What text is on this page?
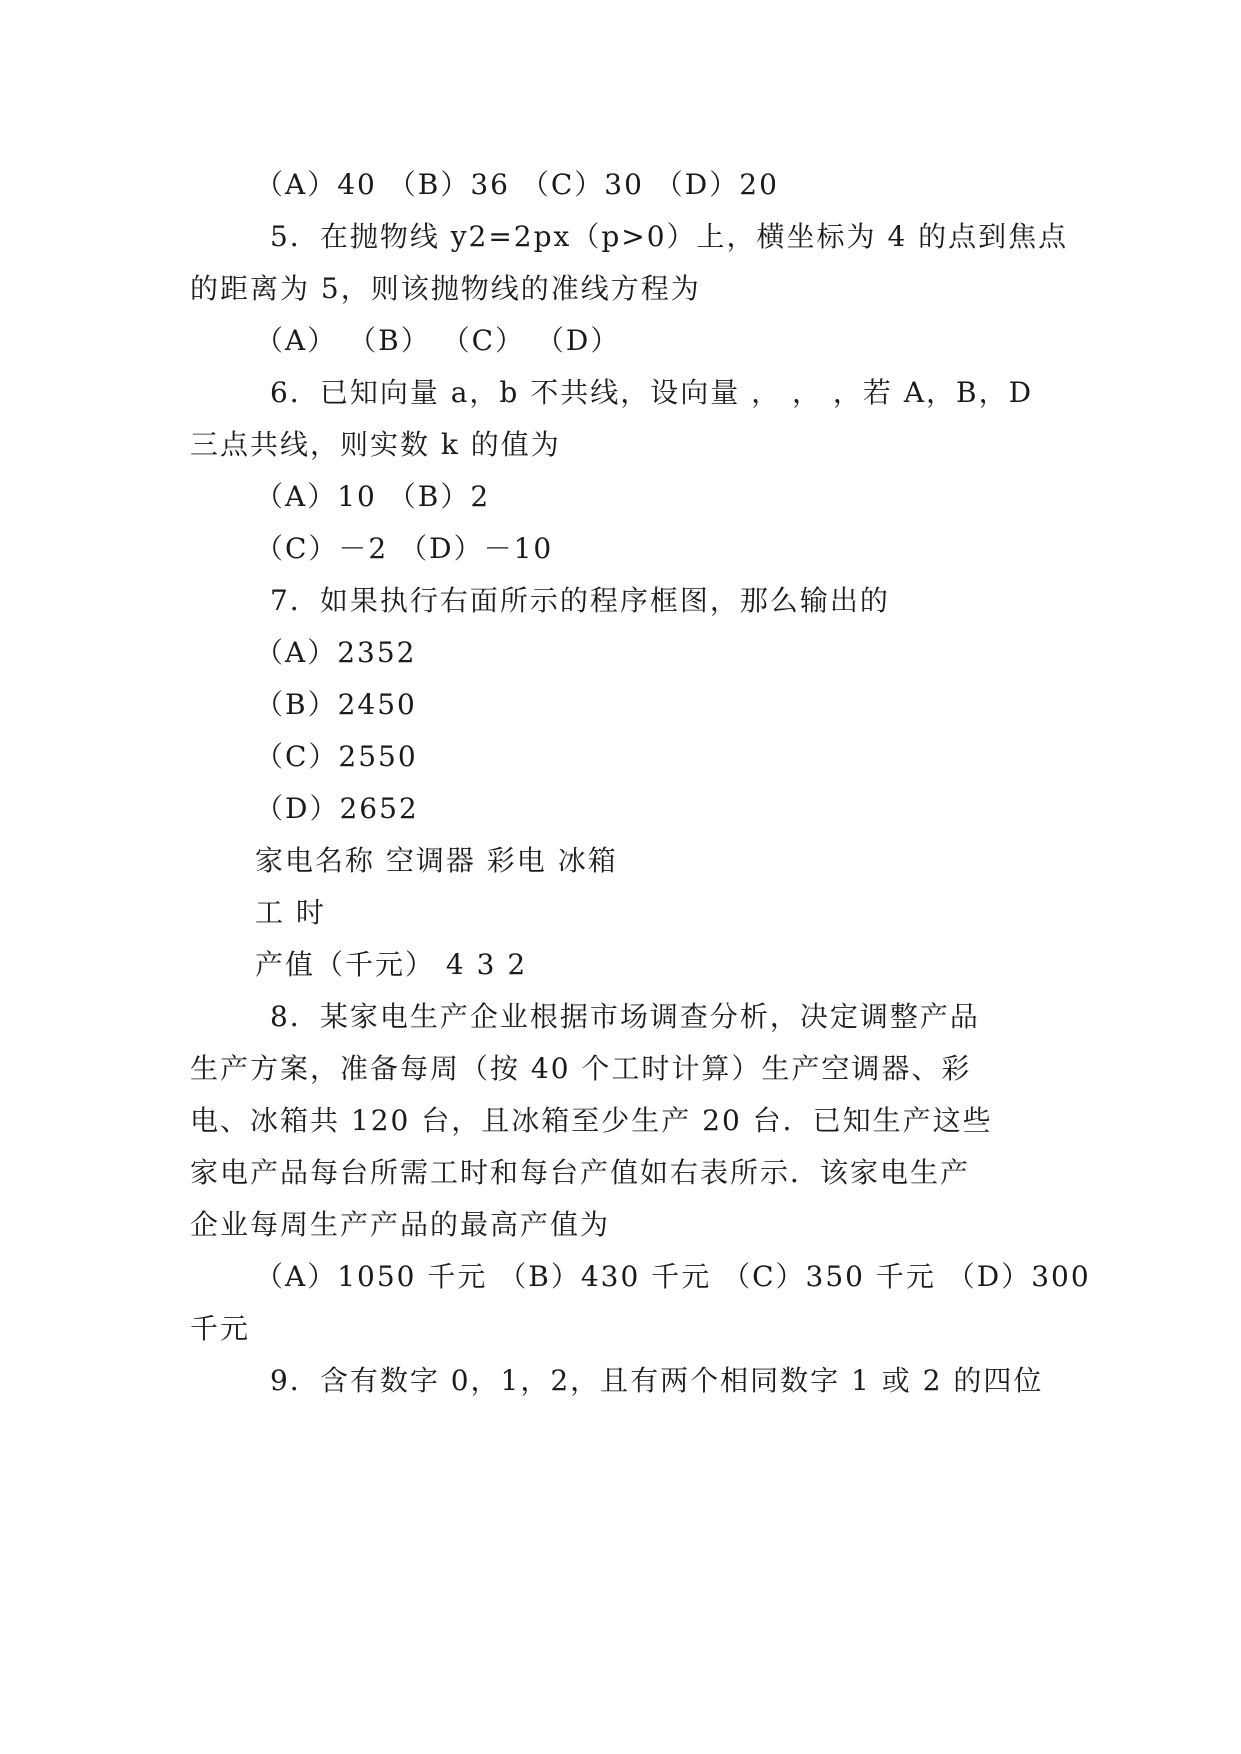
（A）40 （B）36 （C）30 （D）20
5．在抛物线 y2=2px（p>0）上，横坐标为 4 的点到焦点
的距离为 5，则该抛物线的准线方程为
（A） （B） （C） （D）
6．已知向量 a，b 不共线，设向量 ， ， ，若 A，B，D
三点共线，则实数 k 的值为
（A）10 （B）2
（C）－2 （D）－10
7．如果执行右面所示的程序框图，那么输出的
（A）2352
（B）2450
（C）2550
（D）2652
家电名称 空调器 彩电 冰箱
工 时
产值（千元） 4 3 2
8．某家电生产企业根据市场调查分析，决定调整产品
生产方案，准备每周（按 40 个工时计算）生产空调器、彩
电、冰箱共 120 台，且冰箱至少生产 20 台．已知生产这些
家电产品每台所需工时和每台产值如右表所示．该家电生产
企业每周生产产品的最高产值为
（A）1050 千元 （B）430 千元 （C）350 千元 （D）300
千元
9．含有数字 0，1，2，且有两个相同数字 1 或 2 的四位
